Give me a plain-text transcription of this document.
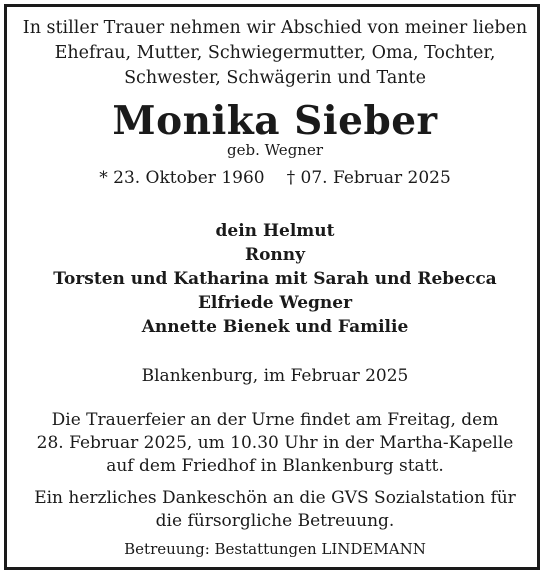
In stiller Trauer nehmen wir Abschied von meiner lieben
Ehefrau, Mutter, Schwiegermutter, Oma, Tochter,
Schwester, Schwägerin und Tante
Monika Sieber
geb. Wegner
* 23. Oktober 1960 † 07. Februar 2025
dein Helmut
Ronny
Torsten und Katharina mit Sarah und Rebecca
Elfriede Wegner
Annette Bienek und Familie
Blankenburg, im Februar 2025
Die Trauerfeier an der Urne findet am Freitag, dem
28. Februar 2025, um 10.30 Uhr in der Martha-Kapelle
auf dem Friedhof in Blankenburg statt.
Ein herzliches Dankeschön an die GVS Sozialstation für
die fürsorgliche Betreuung.
Betreuung: Bestattungen LINDEMANN
